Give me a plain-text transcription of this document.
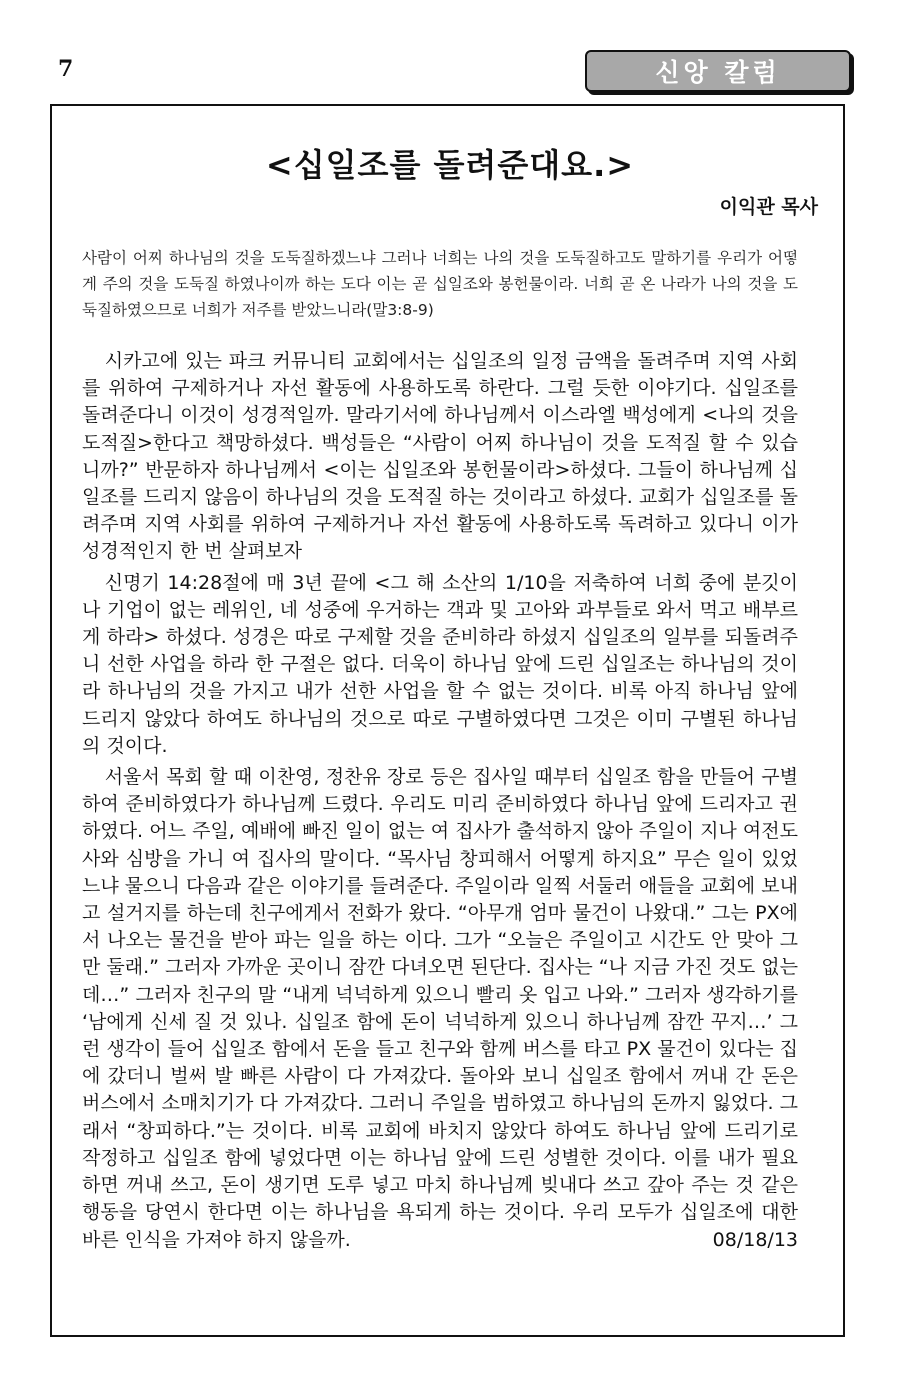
7	신앙 칼럼
<십일조를 돌려준대요.>
이익관 목사
사람이 어찌 하나님의 것을 도둑질하겠느냐 그러나 너희는 나의 것을 도둑질하고도 말하기를 우리가 어떻게 주의 것을 도둑질 하였나이까 하는 도다 이는 곧 십일조와 봉헌물이라. 너희 곧 온 나라가 나의 것을 도둑질하였으므로 너희가 저주를 받았느니라(말3:8-9)

시카고에 있는 파크 커뮤니티 교회에서는 십일조의 일정 금액을 돌려주며 지역 사회를 위하여 구제하거나 자선 활동에 사용하도록 하란다. 그럴 듯한 이야기다. 십일조를 돌려준다니 이것이 성경적일까. 말라기서에 하나님께서 이스라엘 백성에게 <나의 것을 도적질>한다고 책망하셨다. 백성들은 “사람이 어찌 하나님이 것을 도적질 할 수 있습니까?” 반문하자 하나님께서 <이는 십일조와 봉헌물이라>하셨다. 그들이 하나님께 십일조를 드리지 않음이 하나님의 것을 도적질 하는 것이라고 하셨다. 교회가 십일조를 돌려주며 지역 사회를 위하여 구제하거나 자선 활동에 사용하도록 독려하고 있다니 이가 성경적인지 한 번 살펴보자

신명기 14:28절에 매 3년 끝에 <그 해 소산의 1/10을 저축하여 너희 중에 분깃이나 기업이 없는 레위인, 네 성중에 우거하는 객과 및 고아와 과부들로 와서 먹고 배부르게 하라> 하셨다. 성경은 따로 구제할 것을 준비하라 하셨지 십일조의 일부를 되돌려주니 선한 사업을 하라 한 구절은 없다. 더욱이 하나님 앞에 드린 십일조는 하나님의 것이라 하나님의 것을 가지고 내가 선한 사업을 할 수 없는 것이다. 비록 아직 하나님 앞에 드리지 않았다 하여도 하나님의 것으로 따로 구별하였다면 그것은 이미 구별된 하나님의 것이다.

서울서 목회 할 때 이찬영, 정찬유 장로 등은 집사일 때부터 십일조 함을 만들어 구별하여 준비하였다가 하나님께 드렸다. 우리도 미리 준비하였다 하나님 앞에 드리자고 권하였다. 어느 주일, 예배에 빠진 일이 없는 여 집사가 출석하지 않아 주일이 지나 여전도사와 심방을 가니 여 집사의 말이다. “목사님 창피해서 어떻게 하지요” 무슨 일이 있었느냐 물으니 다음과 같은 이야기를 들려준다. 주일이라 일찍 서둘러 애들을 교회에 보내고 설거지를 하는데 친구에게서 전화가 왔다. “아무개 엄마 물건이 나왔대.” 그는 PX에서 나오는 물건을 받아 파는 일을 하는 이다. 그가 “오늘은 주일이고 시간도 안 맞아 그만 둘래.” 그러자 가까운 곳이니 잠깐 다녀오면 된단다. 집사는 “나 지금 가진 것도 없는데…” 그러자 친구의 말 “내게 넉넉하게 있으니 빨리 옷 입고 나와.” 그러자 생각하기를 ‘남에게 신세 질 것 있나. 십일조 함에 돈이 넉넉하게 있으니 하나님께 잠깐 꾸지…’ 그런 생각이 들어 십일조 함에서 돈을 들고 친구와 함께 버스를 타고 PX 물건이 있다는 집에 갔더니 벌써 발 빠른 사람이 다 가져갔다. 돌아와 보니 십일조 함에서 꺼내 간 돈은 버스에서 소매치기가 다 가져갔다. 그러니 주일을 범하였고 하나님의 돈까지 잃었다. 그래서 “창피하다.”는 것이다. 비록 교회에 바치지 않았다 하여도 하나님 앞에 드리기로 작정하고 십일조 함에 넣었다면 이는 하나님 앞에 드린 성별한 것이다. 이를 내가 필요하면 꺼내 쓰고, 돈이 생기면 도루 넣고 마치 하나님께 빚내다 쓰고 갚아 주는 것 같은 행동을 당연시 한다면 이는 하나님을 욕되게 하는 것이다. 우리 모두가 십일조에 대한 바른 인식을 가져야 하지 않을까.	08/18/13
